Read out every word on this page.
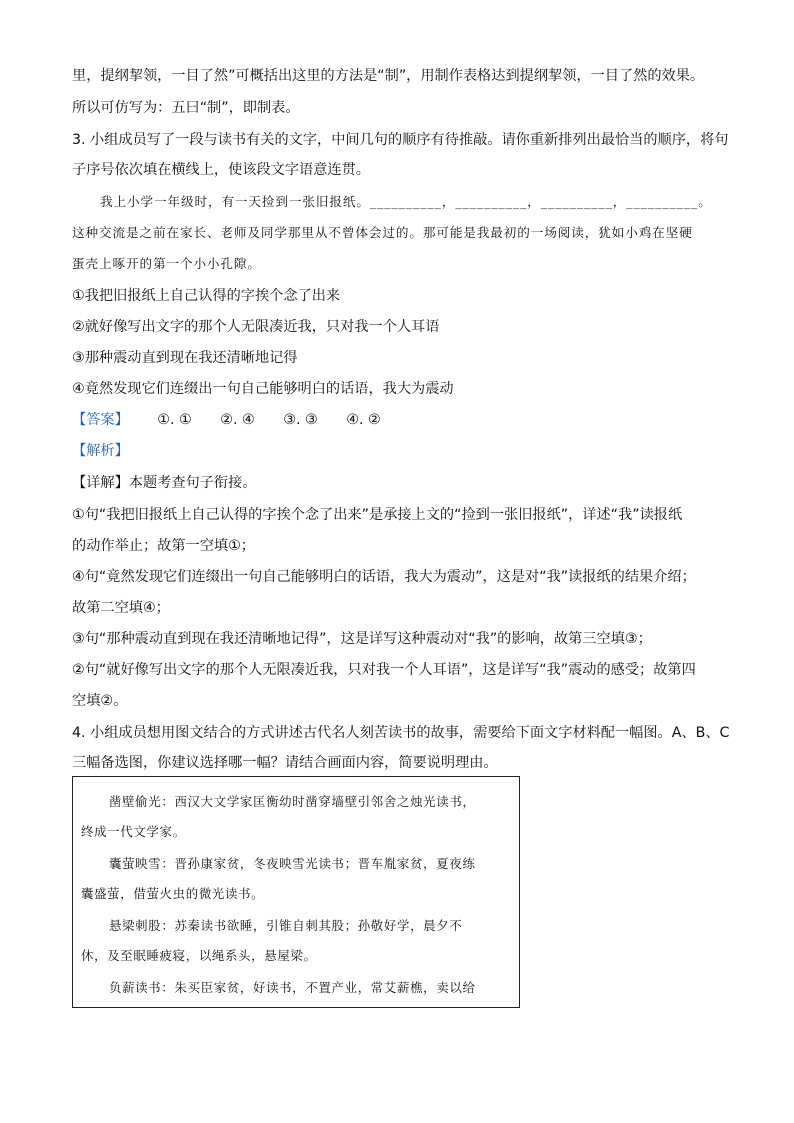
里，提纲挈领，一目了然”可概括出这里的方法是“制”，用制作表格达到提纲挈领，一目了然的效果。
所以可仿写为：五曰“制”，即制表。
3. 小组成员写了一段与读书有关的文字，中间几句的顺序有待推敲。请你重新排列出最恰当的顺序，将句
子序号依次填在横线上，使该段文字语意连贯。
我上小学一年级时，有一天捡到一张旧报纸。__________，__________，__________，__________。
这种交流是之前在家长、老师及同学那里从不曾体会过的。那可能是我最初的一场阅读，犹如小鸡在坚硬
蛋壳上啄开的第一个小小孔隙。
①我把旧报纸上自己认得的字挨个念了出来
②就好像写出文字的那个人无限凑近我，只对我一个人耳语
③那种震动直到现在我还清晰地记得
④竟然发现它们连缀出一句自己能够明白的话语，我大为震动
【答案】 ①. ① ②. ④ ③. ③ ④. ②
【解析】
【详解】本题考查句子衔接。
①句“我把旧报纸上自己认得的字挨个念了出来”是承接上文的“捡到一张旧报纸”，详述“我”读报纸
的动作举止；故第一空填①；
④句“竟然发现它们连缀出一句自己能够明白的话语，我大为震动”，这是对“我”读报纸的结果介绍；
故第二空填④；
③句“那种震动直到现在我还清晰地记得”，这是详写这种震动对“我”的影响，故第三空填③；
②句“就好像写出文字的那个人无限凑近我，只对我一个人耳语”，这是详写“我”震动的感受；故第四
空填②。
4. 小组成员想用图文结合的方式讲述古代名人刻苦读书的故事，需要给下面文字材料配一幅图。A、B、C
三幅备选图，你建议选择哪一幅？请结合画面内容，简要说明理由。
凿壁偷光：西汉大文学家匡衡幼时凿穿墙壁引邻舍之烛光读书，
终成一代文学家。
囊萤映雪：晋孙康家贫，冬夜映雪光读书；晋车胤家贫，夏夜练
囊盛萤，借萤火虫的微光读书。
悬梁刺股：苏秦读书欲睡，引锥自刺其股；孙敬好学，晨夕不
休，及至眠睡疲寝，以绳系头，悬屋梁。
负薪读书：朱买臣家贫，好读书，不置产业，常艾薪樵，卖以给
